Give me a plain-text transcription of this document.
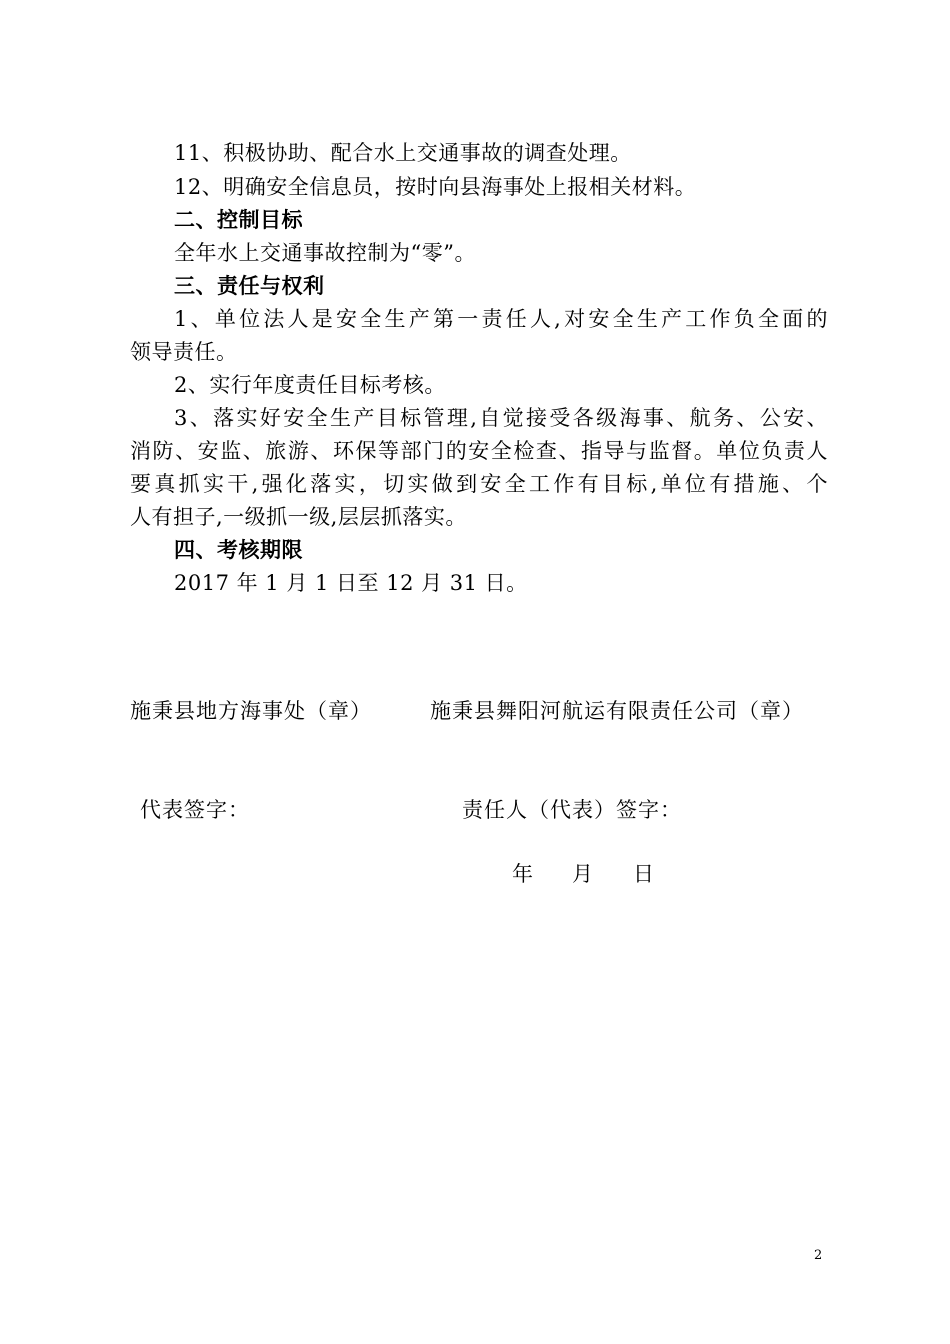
11、积极协助、配合水上交通事故的调查处理。
12、明确安全信息员，按时向县海事处上报相关材料。
二、控制目标
全年水上交通事故控制为“零”。
三、责任与权利
1、单位法人是安全生产第一责任人,对安全生产工作负全面的
领导责任。
2、实行年度责任目标考核。
3、落实好安全生产目标管理,自觉接受各级海事、航务、公安、
消防、安监、旅游、环保等部门的安全检查、指导与监督。单位负责人
要真抓实干,强化落实，切实做到安全工作有目标,单位有措施、个
人有担子,一级抓一级,层层抓落实。
四、考核期限
2017 年 1 月 1 日至 12 月 31 日。
施秉县地方海事处（章）	施秉县舞阳河航运有限责任公司（章）
代表签字：	责任人（代表）签字：
年 月 日
2
